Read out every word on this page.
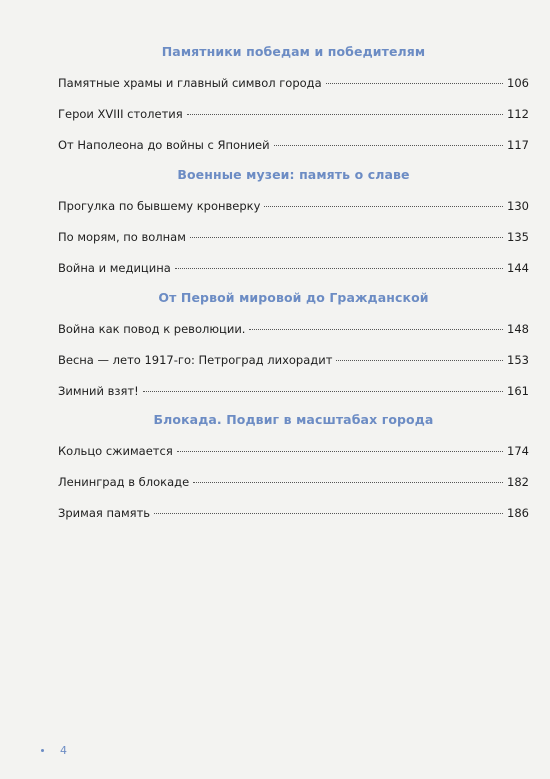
Памятники победам и победителям
Памятные храмы и главный символ города	106
Герои XVIII столетия	112
От Наполеона до войны с Японией	117
Военные музеи: память о славе
Прогулка по бывшему кронверку	130
По морям, по волнам	135
Война и медицина	144
От Первой мировой до Гражданской
Война как повод к революции.	148
Весна — лето 1917-го: Петроград лихорадит	153
Зимний взят!	161
Блокада. Подвиг в масштабах города
Кольцо сжимается	174
Ленинград в блокаде	182
Зримая память	186
4
